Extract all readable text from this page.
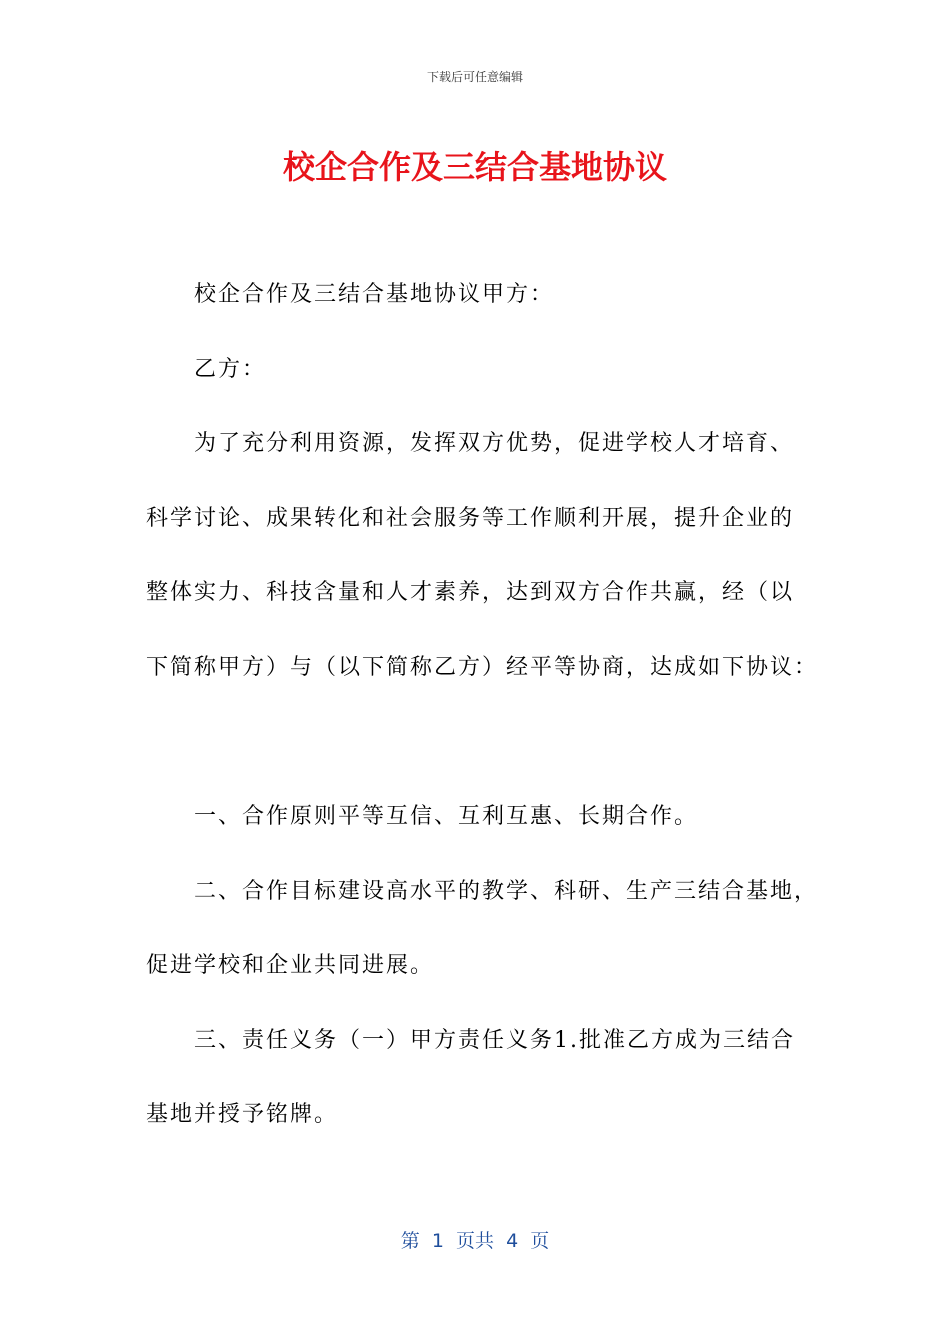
下载后可任意编辑
校企合作及三结合基地协议
校企合作及三结合基地协议甲方：
乙方：
为了充分利用资源，发挥双方优势，促进学校人才培育、
科学讨论、成果转化和社会服务等工作顺利开展，提升企业的
整体实力、科技含量和人才素养，达到双方合作共赢，经（以
下简称甲方）与（以下简称乙方）经平等协商，达成如下协议：
一、合作原则平等互信、互利互惠、长期合作。
二、合作目标建设高水平的教学、科研、生产三结合基地，
促进学校和企业共同进展。
三、责任义务（一）甲方责任义务1.批准乙方成为三结合
基地并授予铭牌。
第  1  页共  4  页
